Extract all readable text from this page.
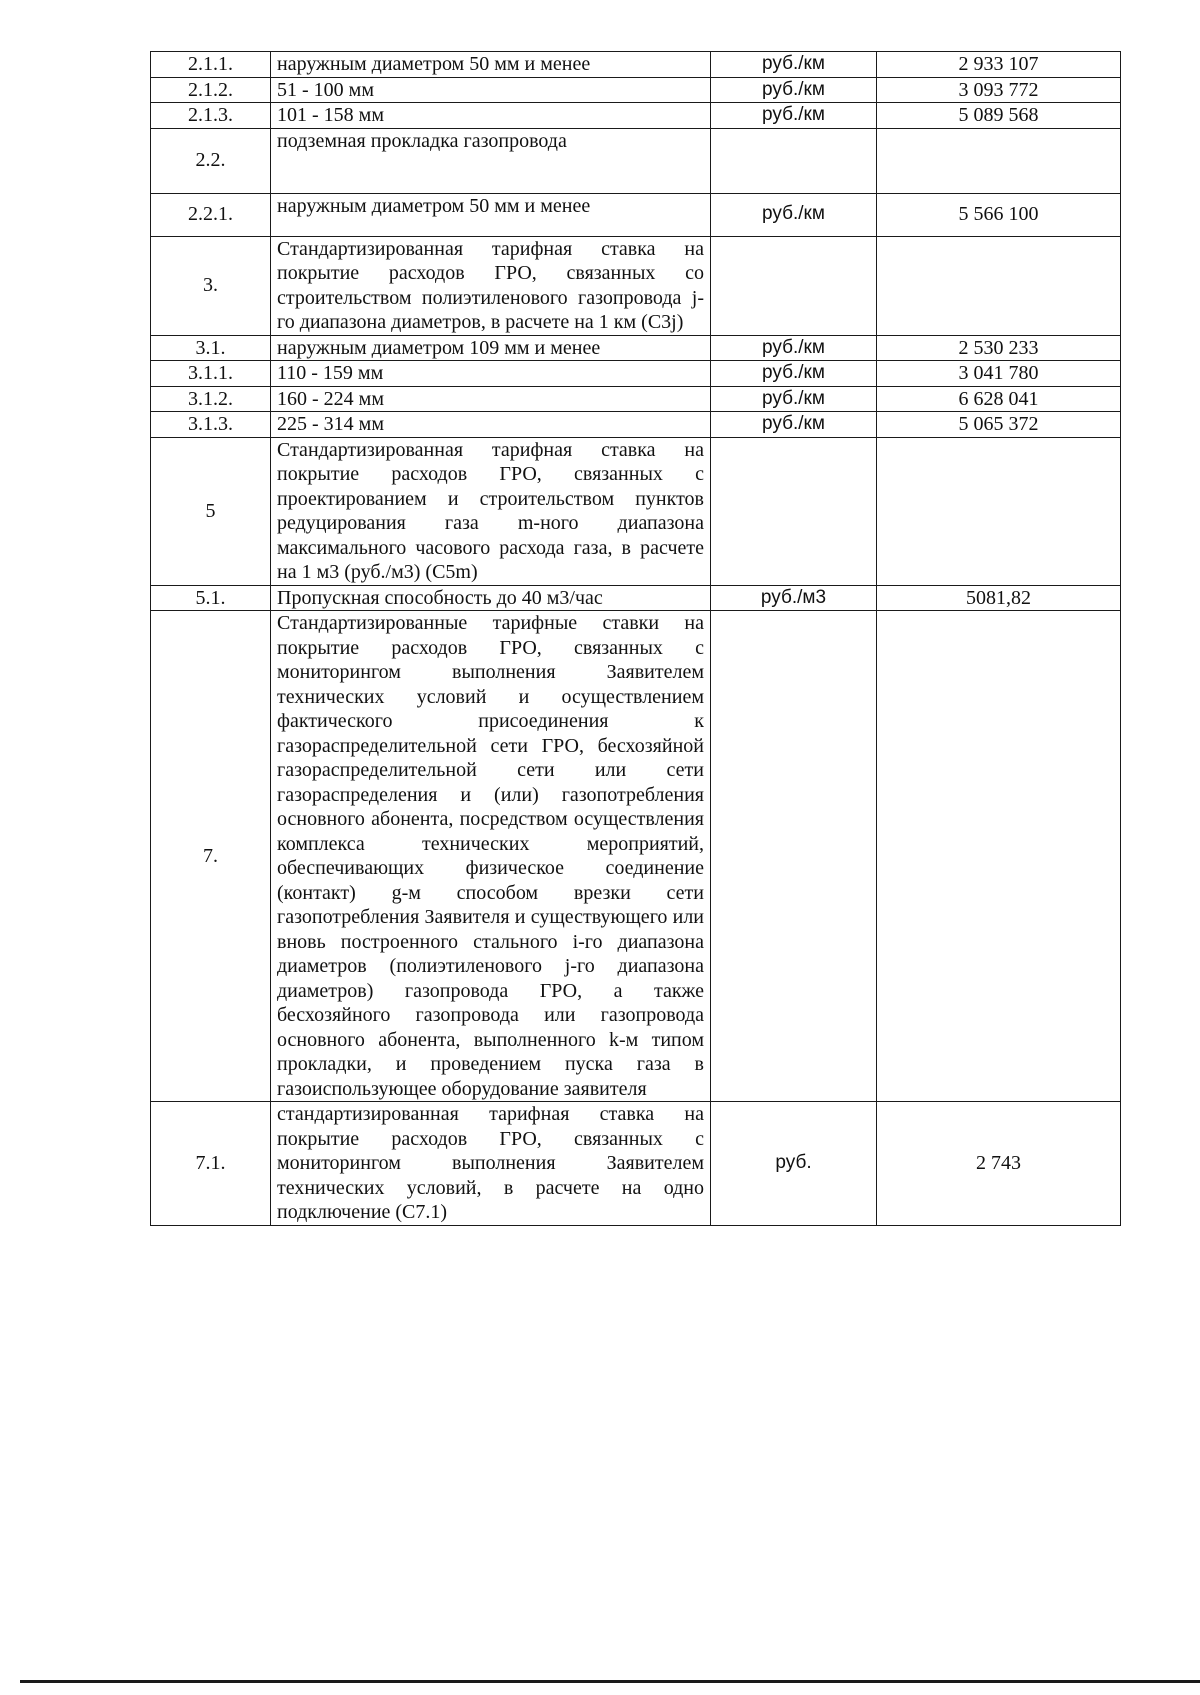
2.1.1.	наружным диаметром 50 мм и менее	руб./км	2 933 107
2.1.2.	51 - 100 мм	руб./км	3 093 772
2.1.3.	101 - 158 мм	руб./км	5 089 568
2.2.	подземная прокладка газопровода		
2.2.1.	наружным диаметром 50 мм и менее	руб./км	5 566 100
3.	Стандартизированная тарифная ставка на покрытие расходов ГРО, связанных со строительством полиэтиленового газопровода j-го диапазона диаметров, в расчете на 1 км (C3j)		
3.1.	наружным диаметром 109 мм и менее	руб./км	2 530 233
3.1.1.	110 - 159 мм	руб./км	3 041 780
3.1.2.	160 - 224 мм	руб./км	6 628 041
3.1.3.	225 - 314 мм	руб./км	5 065 372
5	Стандартизированная тарифная ставка на покрытие расходов ГРО, связанных с проектированием и строительством пунктов редуцирования газа m-ного диапазона максимального часового расхода газа, в расчете на 1 м3 (руб./м3) (C5m)		
5.1.	Пропускная способность до 40 м3/час	руб./м3	5081,82
7.	Стандартизированные тарифные ставки на покрытие расходов ГРО, связанных с мониторингом выполнения Заявителем технических условий и осуществлением фактического присоединения к газораспределительной сети ГРО, бесхозяйной газораспределительной сети или сети газораспределения и (или) газопотребления основного абонента, посредством осуществления комплекса технических мероприятий, обеспечивающих физическое соединение (контакт) g-м способом врезки сети газопотребления Заявителя и существующего или вновь построенного стального i-го диапазона диаметров (полиэтиленового j-го диапазона диаметров) газопровода ГРО, а также бесхозяйного газопровода или газопровода основного абонента, выполненного k-м типом прокладки, и проведением пуска газа в газоиспользующее оборудование заявителя		
7.1.	стандартизированная тарифная ставка на покрытие расходов ГРО, связанных с мониторингом выполнения Заявителем технических условий, в расчете на одно подключение (C7.1)	руб.	2 743
